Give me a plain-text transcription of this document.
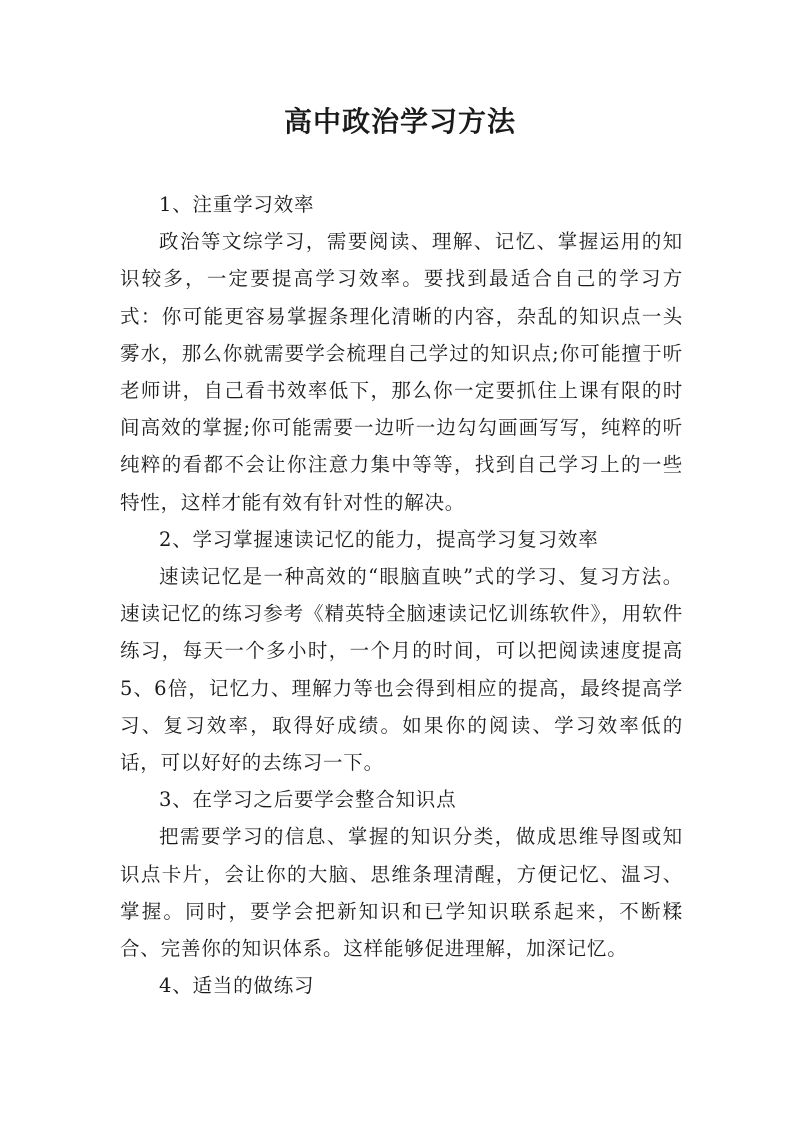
高中政治学习方法

1、注重学习效率

政治等文综学习，需要阅读、理解、记忆、掌握运用的知识较多，一定要提高学习效率。要找到最适合自己的学习方式：你可能更容易掌握条理化清晰的内容，杂乱的知识点一头雾水，那么你就需要学会梳理自己学过的知识点;你可能擅于听老师讲，自己看书效率低下，那么你一定要抓住上课有限的时间高效的掌握;你可能需要一边听一边勾勾画画写写，纯粹的听纯粹的看都不会让你注意力集中等等，找到自己学习上的一些特性，这样才能有效有针对性的解决。

2、学习掌握速读记忆的能力，提高学习复习效率

速读记忆是一种高效的“眼脑直映”式的学习、复习方法。速读记忆的练习参考《精英特全脑速读记忆训练软件》，用软件练习，每天一个多小时，一个月的时间，可以把阅读速度提高5、6倍，记忆力、理解力等也会得到相应的提高，最终提高学习、复习效率，取得好成绩。如果你的阅读、学习效率低的话，可以好好的去练习一下。

3、在学习之后要学会整合知识点

把需要学习的信息、掌握的知识分类，做成思维导图或知识点卡片，会让你的大脑、思维条理清醒，方便记忆、温习、掌握。同时，要学会把新知识和已学知识联系起来，不断糅合、完善你的知识体系。这样能够促进理解，加深记忆。

4、适当的做练习
